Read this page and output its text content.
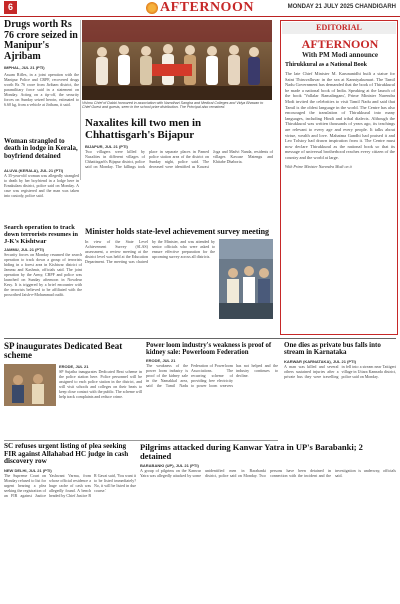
6	AFTERNOON	MONDAY 21 JULY 2025 CHANDIGARH
Drugs worth Rs 76 crore seized in Manipur's Ajribam
IMPHAL, JUL 21 (PTI)
Assam Rifles, in a joint operation with the Manipur Police and CRPF, recovered drugs worth Rs 76 crore from Jiribam district, the paramilitary force said in a statement on Monday. Acting on a tip-off, the security forces on Sunday seized heroin, estimated to 6.60 kg, from a vehicle at Jiribam, it said.	Vishnu Chief of Dabbi honoured in association with Namdhari Sangha and Medical Colleges and Vidya Bhawan to Chief Guest and guests, seen in the school prize distribution. The Principal also remained.
Woman strangled to death in lodge in Kerala, boyfriend detained
ALUVA (KERALA), JUL 21 (PTI)
A 35-year-old woman was allegedly strangled to death by her boyfriend in a lodge here in Ernakulam district, police said on Monday. A case was registered and the man was taken into custody, police said.
Search operation to track down terrorists resumes in J-K's Kishtwar
JAMMU, JUL 21 (PTI)
Security forces on Monday resumed the search operation to track down a group of terrorists hiding in a forest area in Kishtwar district of Jammu and Kashmir, officials said. The joint operation by the Army, CRPF and police was launched on Sunday afternoon in Nowdear Kesy. It is triggered by a brief encounter with the terrorists believed to be affiliated with the proscribed Jaish-e-Mohammad outfit.
Naxalites kill two men in Chhattisgarh's Bijapur
BIJAPUR, JUL 21 (PTI)
Two villagers were killed by Naxalites in different villages of Chhattisgarh's Bijapur district, police said on Monday. The killings took place in separate places in Pamed police station area of the district on Sunday night, police said. The deceased were identified as Kawasi Joga and Madvi Nanda, residents of villages Kawase Matengu and Khitabe Dhaboria.
Minister holds state-level achievement survey meeting
In view of the State Level Achievement Survey (SLAS) assessment, a review meeting at the district level was held at the Education Department. The meeting was chaired by the Minister, and was attended by senior officials who were asked to ensure effective preparation for the upcoming survey across all districts.
EDITORIAL
AFTERNOON
With PM Modi announce
Thirukkural as a National Book
The late Chief Minister M. Karunanidhi built a statue for Saint Thiruvalluvar in the sea at Kanniyakumari. The Tamil Nadu Government has demanded that the book of Thirukkural be made a national book of India. Speaking at the launch of the book 'Vallalar Ramalingam', Prime Minister Narendra Modi invited the celebrities to visit Tamil Nadu and said that Tamil is the oldest language in the world. The Centre has also encouraged the translation of Thirukkural into many languages, including Hindi and tribal dialects. Although the Thirukkural was written thousands of years ago, its teachings are relevant to every age and every people. It talks about virtue, wealth and love. Mahatma Gandhi had praised it and Leo Tolstoy had drawn inspiration from it. The Centre must now declare Thirukkural as the national book so that its message of universal brotherhood reaches every citizen of the country and the world at large.
With Prime Minister Narendra Modi on it
SP inaugurates Dedicated Beat scheme
ERODE, JUL 21
SP Sujatha inaugurates Dedicated Beat scheme in the police station here. Police personnel will be assigned to each police station in the district, and will visit schools and colleges on their beats to keep close contact with the public. The scheme will help track complaints and reduce crime.
Power loom industry's weakness is proof of kidney sale: Powerloom Federation
ERODE, JUL 21
The weakness of the power loom industry is proof of the kidney sale in the Namakkal area, said the Tamil Nadu Federation of Powerloom Associations. The recurring scheme of providing free electricity to power loom weavers has not helped and the industry continues to decline.
One dies as private bus falls into stream in Karnataka
KARWAR (KARNATAKA), JUL 21 (PTI)
A man was killed and several others sustained injuries after a private bus they were travelling in fell into a stream near Tattigeri village in Uttara Kannada district, police said on Monday.
SC refuses urgent listing of plea seeking FIR against Allahabad HC judge in cash discovery row
NEW DELHI, JUL 21 (PTI)
The Supreme Court on Monday refused to list for urgent hearing a plea seeking the registration of an FIR against Justice Yashwant Varma, from whose official residence a huge cache of cash was allegedly found. A bench headed by Chief Justice B R Gavai said, 'You want it to be listed immediately? No, it will be listed in due course.'
Pilgrims attacked during Kanwar Yatra in UP's Barabanki; 2 detained
BARABANKI (UP), JUL 21 (PTI)
A group of pilgrims on the Kanwar Yatra was allegedly attacked by some unidentified men in Barabanki district, police said on Monday. Two persons have been detained in connection with the incident and the investigation is underway, officials said.
